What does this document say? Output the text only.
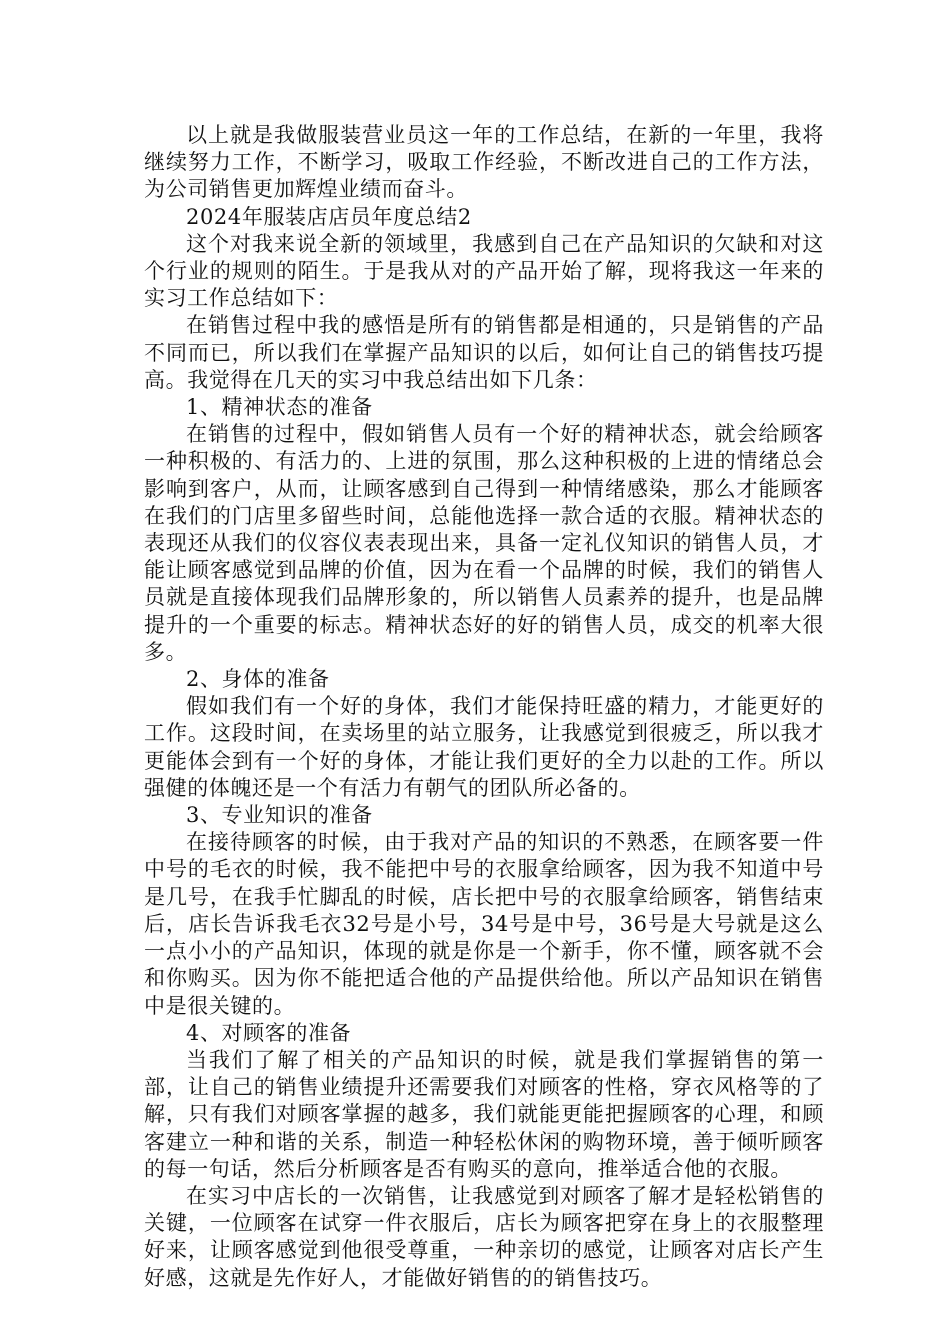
以上就是我做服装营业员这一年的工作总结，在新的一年里，我将继续努力工作，不断学习，吸取工作经验，不断改进自己的工作方法，为公司销售更加辉煌业绩而奋斗。

2024年服装店店员年度总结2

这个对我来说全新的领域里，我感到自己在产品知识的欠缺和对这个行业的规则的陌生。于是我从对的产品开始了解，现将我这一年来的实习工作总结如下：

在销售过程中我的感悟是所有的销售都是相通的，只是销售的产品不同而已，所以我们在掌握产品知识的以后，如何让自己的销售技巧提高。我觉得在几天的实习中我总结出如下几条：

1、精神状态的准备

在销售的过程中，假如销售人员有一个好的精神状态，就会给顾客一种积极的、有活力的、上进的氛围，那么这种积极的上进的情绪总会影响到客户，从而，让顾客感到自己得到一种情绪感染，那么才能顾客在我们的门店里多留些时间，总能他选择一款合适的衣服。精神状态的表现还从我们的仪容仪表表现出来，具备一定礼仪知识的销售人员，才能让顾客感觉到品牌的价值，因为在看一个品牌的时候，我们的销售人员就是直接体现我们品牌形象的，所以销售人员素养的提升，也是品牌提升的一个重要的标志。精神状态好的好的销售人员，成交的机率大很多。

2、身体的准备

假如我们有一个好的身体，我们才能保持旺盛的精力，才能更好的工作。这段时间，在卖场里的站立服务，让我感觉到很疲乏，所以我才更能体会到有一个好的身体，才能让我们更好的全力以赴的工作。所以强健的体魄还是一个有活力有朝气的团队所必备的。

3、专业知识的准备

在接待顾客的时候，由于我对产品的知识的不熟悉，在顾客要一件中号的毛衣的时候，我不能把中号的衣服拿给顾客，因为我不知道中号是几号，在我手忙脚乱的时候，店长把中号的衣服拿给顾客，销售结束后，店长告诉我毛衣32号是小号，34号是中号，36号是大号就是这么一点小小的产品知识，体现的就是你是一个新手，你不懂，顾客就不会和你购买。因为你不能把适合他的产品提供给他。所以产品知识在销售中是很关键的。

4、对顾客的准备

当我们了解了相关的产品知识的时候，就是我们掌握销售的第一部，让自己的销售业绩提升还需要我们对顾客的性格，穿衣风格等的了解，只有我们对顾客掌握的越多，我们就能更能把握顾客的心理，和顾客建立一种和谐的关系，制造一种轻松休闲的购物环境，善于倾听顾客的每一句话，然后分析顾客是否有购买的意向，推举适合他的衣服。

在实习中店长的一次销售，让我感觉到对顾客了解才是轻松销售的关键，一位顾客在试穿一件衣服后，店长为顾客把穿在身上的衣服整理好来，让顾客感觉到他很受尊重，一种亲切的感觉，让顾客对店长产生好感，这就是先作好人，才能做好销售的的销售技巧。
